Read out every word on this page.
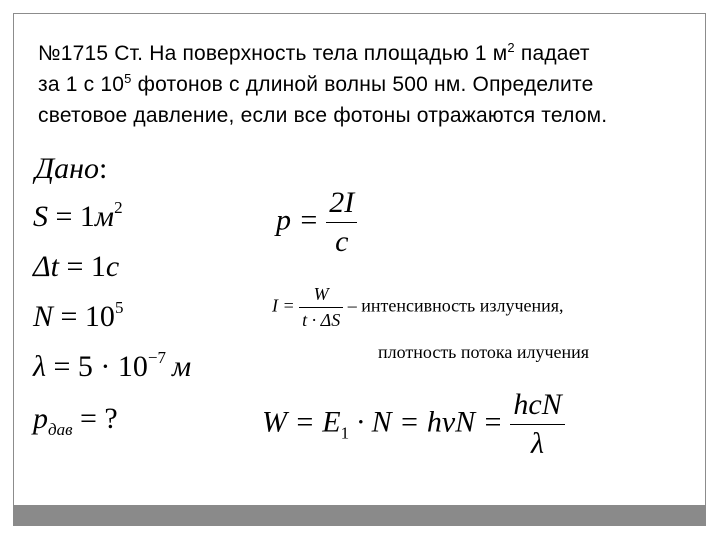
№1715 Ст. На поверхность тела площадью 1 $м^2$ падает
за 1 с $10^5$ фотонов с длиной волны 500 нм. Определите
световое давление, если все фотоны отражаются телом.
Дано:
$S = 1м^2$
Δt = 1c
$N = 10^5$
$\lambda = 5 \cdot 10^{-7}$ м
$p_{дав}$ = ?
$p = \frac{2I}{c}$
$I = \frac{W}{t \cdot \Delta S}$ – интенсивность излучения,
плотность потока илучения
$W = E_1 \cdot N = h\nu N = \frac{\text{hcN}}{\lambda}$
